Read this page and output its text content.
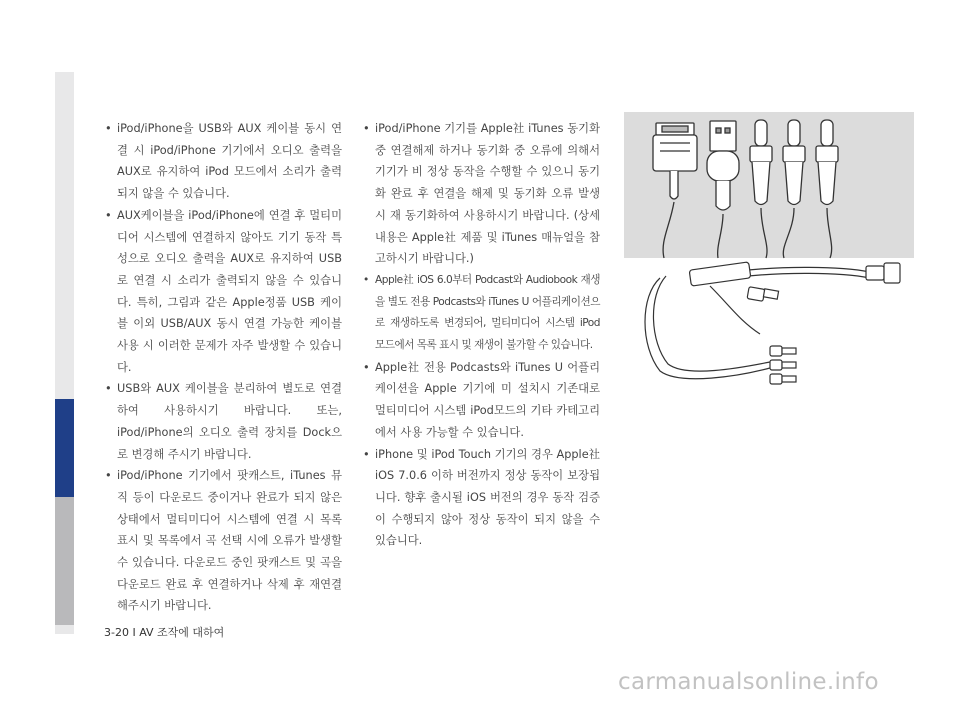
• iPod/iPhone을 USB와 AUX 케이블 동시 연결 시 iPod/iPhone 기기에서 오디오 출력을 AUX로 유지하여 iPod 모드에서 소리가 출력되지 않을 수 있습니다.
• AUX케이블을 iPod/iPhone에 연결 후 멀티미디어 시스템에 연결하지 않아도 기기 동작 특성으로 오디오 출력을 AUX로 유지하여 USB로 연결 시 소리가 출력되지 않을 수 있습니다. 특히, 그림과 같은 Apple정품 USB 케이블 이외 USB/AUX 동시 연결 가능한 케이블 사용 시 이러한 문제가 자주 발생할 수 있습니다.
• USB와 AUX 케이블을 분리하여 별도로 연결하여 사용하시기 바랍니다. 또는, iPod/iPhone의 오디오 출력 장치를 Dock으로 변경해 주시기 바랍니다.
• iPod/iPhone 기기에서 팟캐스트, iTunes 뮤직 등이 다운로드 중이거나 완료가 되지 않은 상태에서 멀티미디어 시스템에 연결 시 목록 표시 및 목록에서 곡 선택 시에 오류가 발생할 수 있습니다. 다운로드 중인 팟캐스트 및 곡을 다운로드 완료 후 연결하거나 삭제 후 재연결 해주시기 바랍니다.
• iPod/iPhone 기기를 Apple社 iTunes 동기화 중 연결해제 하거나 동기화 중 오류에 의해서 기기가 비 정상 동작을 수행할 수 있으니 동기화 완료 후 연결을 해제 및 동기화 오류 발생시 재 동기화하여 사용하시기 바랍니다. (상세 내용은 Apple社 제품 및 iTunes 매뉴얼을 참고하시기 바랍니다.)
• Apple社 iOS 6.0부터 Podcast와 Audiobook 재생을 별도 전용 Podcasts와 iTunes U 어플리케이션으로 재생하도록 변경되어, 멀티미디어 시스템 iPod 모드에서 목록 표시 및 재생이 불가할 수 있습니다.
• Apple社 전용 Podcasts와 iTunes U 어플리케이션을 Apple 기기에 미 설치시 기존대로 멀티미디어 시스템 iPod모드의 기타 카테고리에서 사용 가능할 수 있습니다.
• iPhone 및 iPod Touch 기기의 경우 Apple社 iOS 7.0.6 이하 버전까지 정상 동작이 보장됩니다. 향후 출시될 iOS 버전의 경우 동작 검증이 수행되지 않아 정상 동작이 되지 않을 수 있습니다.
3-20 I AV 조작에 대하여
carmanualsonline.info
